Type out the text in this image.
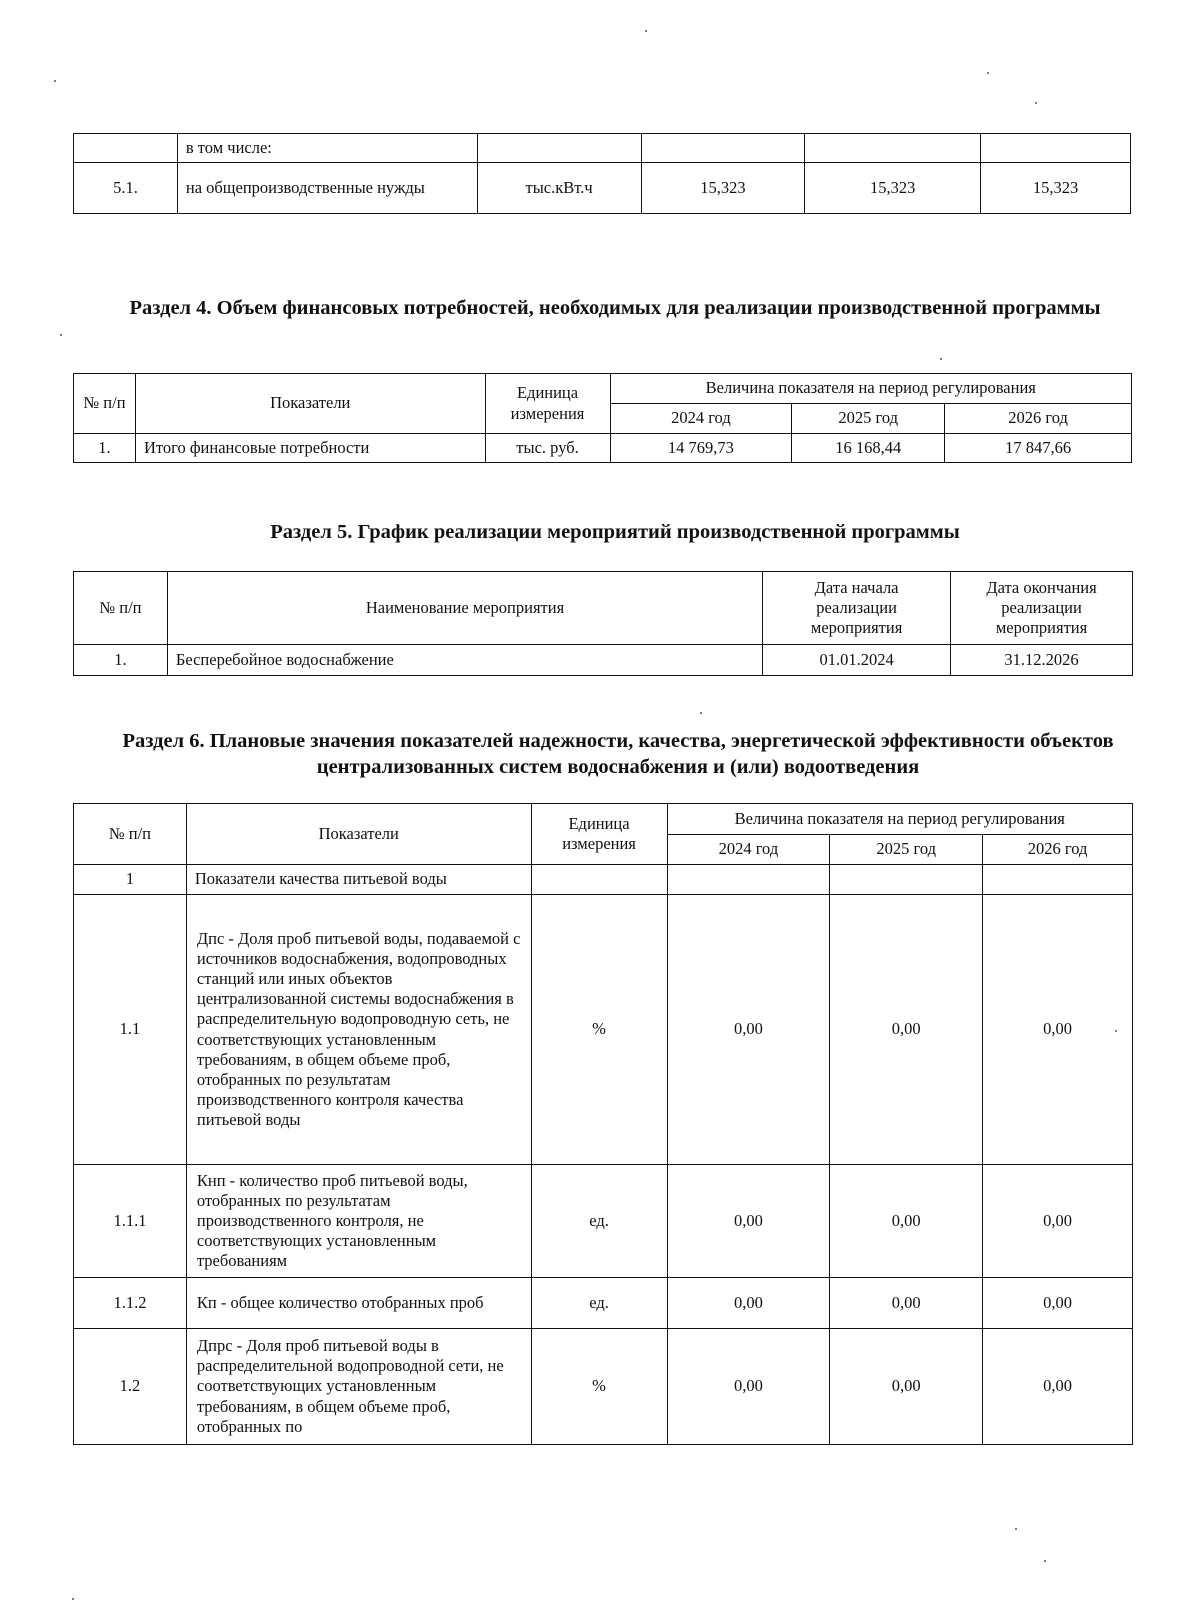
	в том числе:				
5.1.	на общепроизводственные нужды	тыс.кВт.ч	15,323	15,323	15,323
Раздел 4. Объем финансовых потребностей, необходимых для реализации производственной программы
№ п/п	Показатели	Единица измерения	Величина показателя на период регулирования		
			2024 год	2025 год	2026 год
1.	Итого финансовые потребности	тыс. руб.	14 769,73	16 168,44	17 847,66
Раздел 5. График реализации мероприятий производственной программы
№ п/п	Наименование мероприятия	Дата начала реализации мероприятия	Дата окончания реализации мероприятия
1.	Бесперебойное водоснабжение	01.01.2024	31.12.2026
Раздел 6. Плановые значения показателей надежности, качества, энергетической эффективности объектов централизованных систем водоснабжения и (или) водоотведения
№ п/п	Показатели	Единица измерения	Величина показателя на период регулирования		
			2024 год	2025 год	2026 год
1	Показатели качества питьевой воды				
1.1	Дпс - Доля проб питьевой воды, подаваемой с источников водоснабжения, водопроводных станций или иных объектов централизованной системы водоснабжения в распределительную водопроводную сеть, не соответствующих установленным требованиям, в общем объеме проб, отобранных по результатам производственного контроля качества питьевой воды	%	0,00	0,00	0,00
1.1.1	Кнп - количество проб питьевой воды, отобранных по результатам производственного контроля, не соответствующих установленным требованиям	ед.	0,00	0,00	0,00
1.1.2	Кп - общее количество отобранных проб	ед.	0,00	0,00	0,00
1.2	Дпрс - Доля проб питьевой воды в распределительной водопроводной сети, не соответствующих установленным требованиям, в общем объеме проб, отобранных по	%	0,00	0,00	0,00
